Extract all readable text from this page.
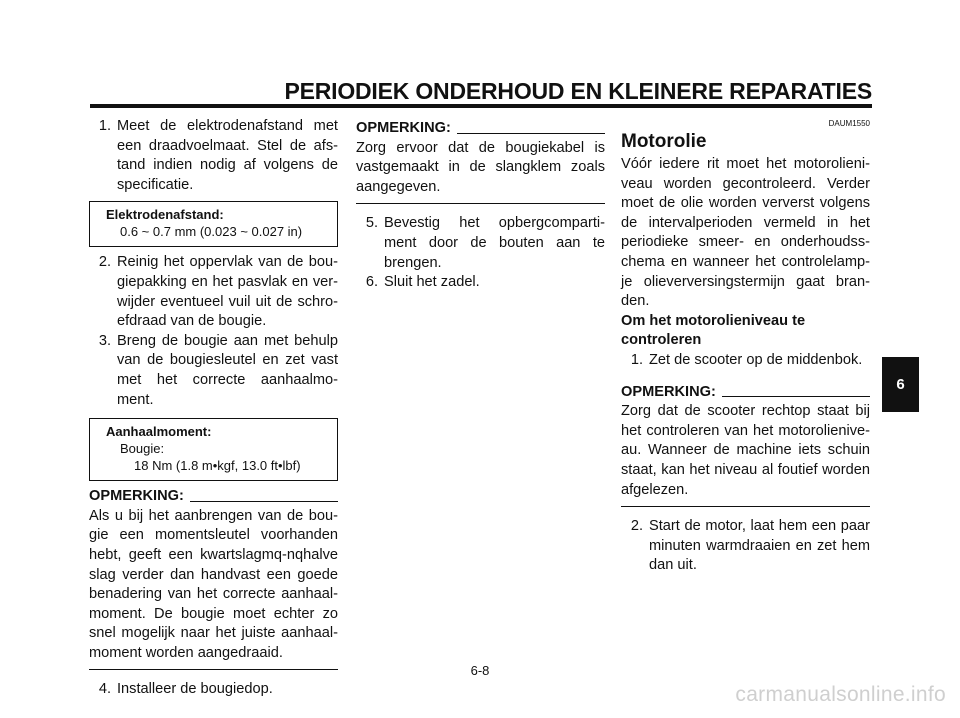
PERIODIEK ONDERHOUD EN KLEINERE REPARATIES
1. Meet de elektrodenafstand met een draadvoelmaat. Stel de afs-tand indien nodig af volgens de specificatie.
Elektrodenafstand:
0.6 ~ 0.7 mm (0.023 ~ 0.027 in)
2. Reinig het oppervlak van de bou-giepakking en het pasvlak en ver-wijder eventueel vuil uit de schro-efdraad van de bougie.
3. Breng de bougie aan met behulp van de bougiesleutel en zet vast met het correcte aanhaalmo-ment.
Aanhaalmoment:
Bougie:
18 Nm (1.8 m•kgf, 13.0 ft•lbf)
OPMERKING:
Als u bij het aanbrengen van de bou-gie een momentsleutel voorhanden hebt, geeft een kwartslagmq-nqhalve slag verder dan handvast een goede benadering van het correcte aanhaal-moment. De bougie moet echter zo snel mogelijk naar het juiste aanhaal-moment worden aangedraaid.
4. Installeer de bougiedop.
OPMERKING:
Zorg ervoor dat de bougiekabel is vastgemaakt in de slangklem zoals aangegeven.
5. Bevestig het opbergcomparti-ment door de bouten aan te brengen.
6. Sluit het zadel.
DAUM1550
Motorolie
Vóór iedere rit moet het motorolieni-veau worden gecontroleerd. Verder moet de olie worden ververst volgens de intervalperioden vermeld in het periodieke smeer- en onderhoudss-chema en wanneer het controlelamp-je olieverversingstermijn gaat bran-den.
Om het motorolieniveau te controleren
1. Zet de scooter op de middenbok.
OPMERKING:
Zorg dat de scooter rechtop staat bij het controleren van het motorolienive-au. Wanneer de machine iets schuin staat, kan het niveau al foutief worden afgelezen.
2. Start de motor, laat hem een paar minuten warmdraaien en zet hem dan uit.
6
6-8
carmanualsonline.info
